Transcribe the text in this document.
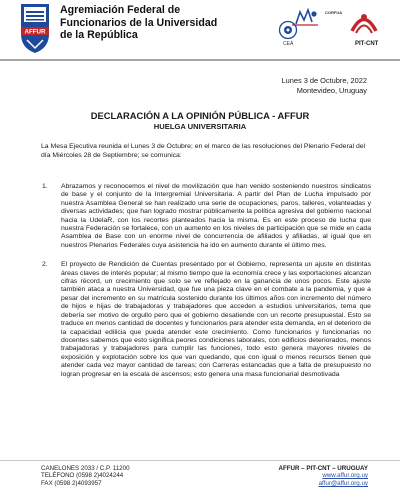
AFFUR
Agremiación Federal de
Funcionarios de la Universidad
de la República
CORFUA
CEA	PIT-CNT
Lunes 3 de Octubre, 2022
Montevideo, Uruguay
DECLARACIÓN A LA OPINIÓN PÚBLICA - AFFUR
HUELGA UNIVERSITARIA
La Mesa Ejecutiva reunida el Lunes 3 de Octubre; en el marco de las resoluciones del Plenario Federal del día Miércoles 28 de Septiembre; se comunica:
1. Abrazamos y reconocemos el nivel de movilización que han venido sosteniendo nuestros sindicatos de base y el conjunto de la Intergremial Universitaria. A partir del Plan de Lucha impulsado por nuestra Asamblea General se han realizado una serie de ocupaciones, paros, talleres, volanteadas y diversas actividades; que han logrado mostrar públicamente la política agresiva del gobierno nacional hacia la UdelaR, con los recortes planteados hacia la misma. Es en este proceso de lucha que nuestra Federación se fortalece, con un aumento en los niveles de participación que se mide en cada Asamblea de Base con un enorme nivel de concurrencia de afiliados y afiliadas, al igual que en nuestros Plenarios Federales cuya asistencia ha ido en aumento durante el último mes.
2. El proyecto de Rendición de Cuentas presentado por el Gobierno, representa un ajuste en distintas áreas claves de interés popular; al mismo tiempo que la economía crece y las exportaciones alcanzan cifras récord, un crecimiento que solo se ve reflejado en la ganancia de unos pocos. Este ajuste también ataca a nuestra Universidad, que fue una pieza clave en el combate a la pandemia, y que a pesar del incremento en su matrícula sostenido durante los últimos años con incremento del número de hijos e hijas de trabajadoras y trabajadores que acceden a estudios universitarios, tema que debería ser motivo de orgullo pero que el gobierno desatiende con un recorte presupuestal. Esto se traduce en menos cantidad de docentes y funcionarios para atender esta demanda, en el deterioro de la capacidad edilicia que pueda atender este crecimiento. Como funcionarios y funcionarias no docentes sabemos que esto significa peores condiciones laborales, con edificios deteriorados, menos trabajadoras y trabajadores para cumplir las funciones, todo esto genera mayores niveles de exposición y explotación sobre los que van quedando, que con igual o menos recursos tienen que atender cada vez mayor cantidad de tareas; con Carreras estancadas que a falta de presupuesto no logran progresar en la escala de ascensos; esto genera una masa funcionarial desmotivada
CANELONES 2033 / C.P. 11200
TELÉFONO (0598 2)4024244
FAX (0598 2)4093957
AFFUR – PIT-CNT – URUGUAY
www.affur.org.uy
affur@affur.org.uy
